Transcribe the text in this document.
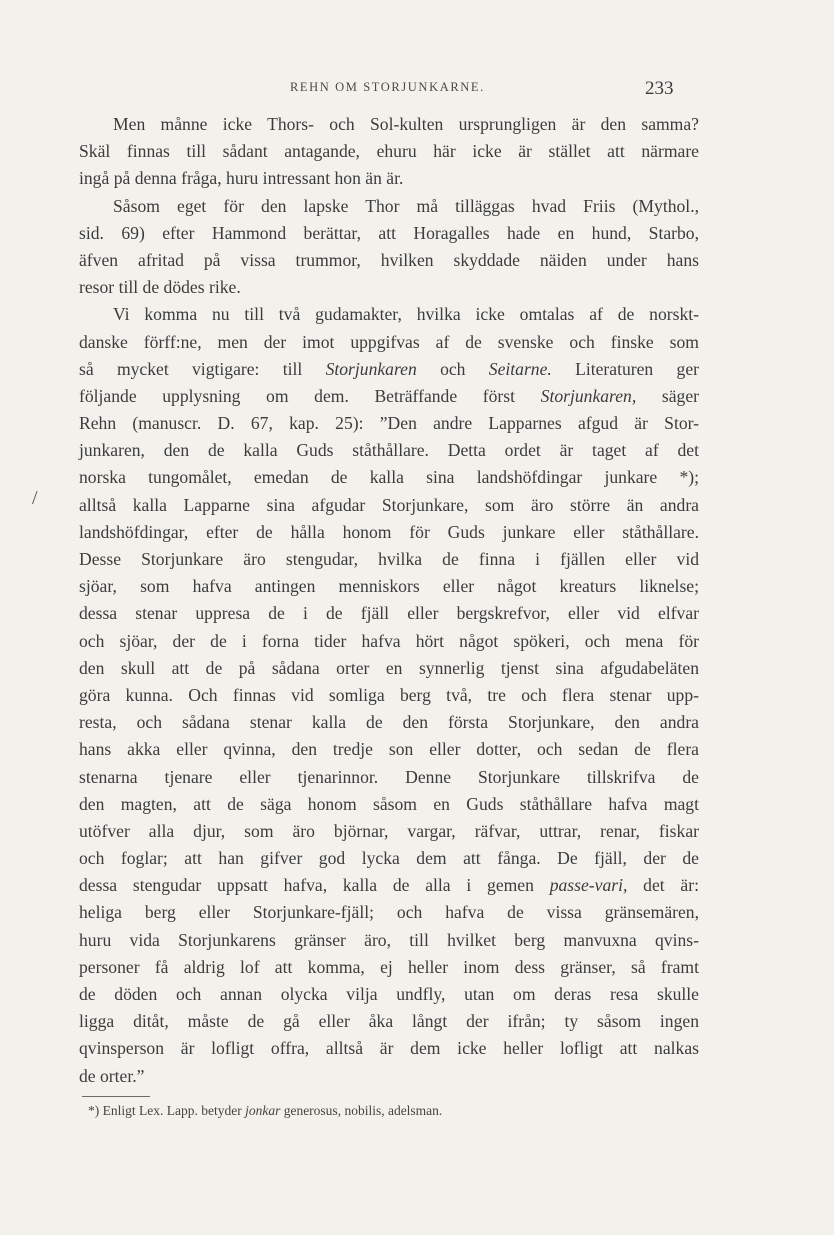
REHN OM STORJUNKARNE.	233
/
Men månne icke Thors- och Sol-kulten ursprungligen är den samma?
Skäl finnas till sådant antagande, ehuru här icke är stället att närmare
ingå på denna fråga, huru intressant hon än är.
Såsom eget för den lapske Thor må tilläggas hvad Friis (Mythol.,
sid. 69) efter Hammond berättar, att Horagalles hade en hund, Starbo,
äfven afritad på vissa trummor, hvilken skyddade näiden under hans
resor till de dödes rike.
Vi komma nu till två gudamakter, hvilka icke omtalas af de norskt-
danske förff:ne, men der imot uppgifvas af de svenske och finske som
så mycket vigtigare: till Storjunkaren och Seitarne. Literaturen ger
följande upplysning om dem. Beträffande först Storjunkaren, säger
Rehn (manuscr. D. 67, kap. 25): ”Den andre Lapparnes afgud är Stor-
junkaren, den de kalla Guds ståthållare. Detta ordet är taget af det
norska tungomålet, emedan de kalla sina landshöfdingar junkare *);
alltså kalla Lapparne sina afgudar Storjunkare, som äro större än andra
landshöfdingar, efter de hålla honom för Guds junkare eller ståthållare.
Desse Storjunkare äro stengudar, hvilka de finna i fjällen eller vid
sjöar, som hafva antingen menniskors eller något kreaturs liknelse;
dessa stenar uppresa de i de fjäll eller bergskrefvor, eller vid elfvar
och sjöar, der de i forna tider hafva hört något spökeri, och mena för
den skull att de på sådana orter en synnerlig tjenst sina afgudabeläten
göra kunna. Och finnas vid somliga berg två, tre och flera stenar upp-
resta, och sådana stenar kalla de den första Storjunkare, den andra
hans akka eller qvinna, den tredje son eller dotter, och sedan de flera
stenarna tjenare eller tjenarinnor. Denne Storjunkare tillskrifva de
den magten, att de säga honom såsom en Guds ståthållare hafva magt
utöfver alla djur, som äro björnar, vargar, räfvar, uttrar, renar, fiskar
och foglar; att han gifver god lycka dem att fånga. De fjäll, der de
dessa stengudar uppsatt hafva, kalla de alla i gemen passe-vari, det är:
heliga berg eller Storjunkare-fjäll; och hafva de vissa gränsemären,
huru vida Storjunkarens gränser äro, till hvilket berg manvuxna qvins-
personer få aldrig lof att komma, ej heller inom dess gränser, så framt
de döden och annan olycka vilja undfly, utan om deras resa skulle
ligga ditåt, måste de gå eller åka långt der ifrån; ty såsom ingen
qvinsperson är lofligt offra, alltså är dem icke heller lofligt att nalkas
de orter.”
*) Enligt Lex. Lapp. betyder jonkar generosus, nobilis, adelsman.
